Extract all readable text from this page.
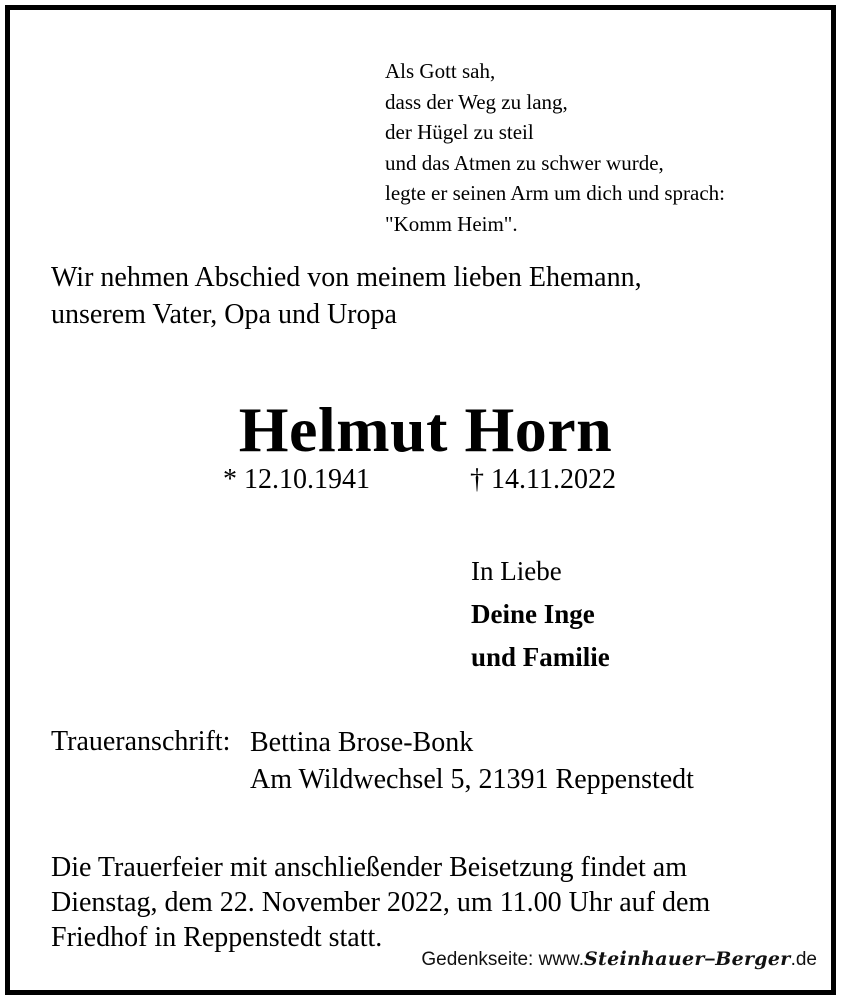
Als Gott sah,
dass der Weg zu lang,
der Hügel zu steil
und das Atmen zu schwer wurde,
legte er seinen Arm um dich und sprach:
"Komm Heim".
Wir nehmen Abschied von meinem lieben Ehemann,
unserem Vater, Opa und Uropa
Helmut Horn
* 12.10.1941	† 14.11.2022
In Liebe
Deine Inge
und Familie
Traueranschrift: Bettina Brose-Bonk
Am Wildwechsel 5, 21391 Reppenstedt
Die Trauerfeier mit anschließender Beisetzung findet am
Dienstag, dem 22. November 2022, um 11.00 Uhr auf dem
Friedhof in Reppenstedt statt.
Gedenkseite: www.Steinhauer–Berger.de
